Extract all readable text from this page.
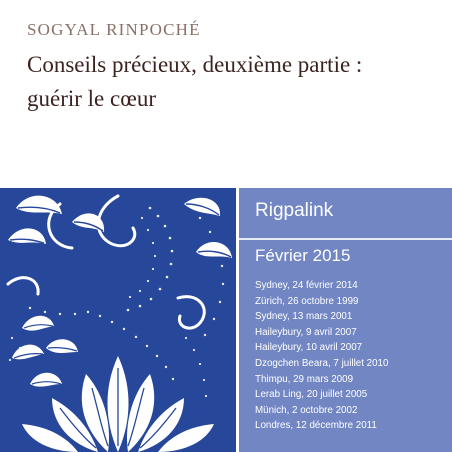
SOGYAL RINPOCHÉ
Conseils précieux, deuxième partie :
guérir le cœur
Rigpalink
Février 2015
Sydney, 24 février 2014
Zürich, 26 octobre 1999
Sydney, 13 mars 2001
Haileybury, 9 avril 2007
Haileybury, 10 avril 2007
Dzogchen Beara, 7 juillet 2010
Thimpu, 29 mars 2009
Lerab Ling, 20 juillet 2005
Münich, 2 octobre 2002
Londres, 12 décembre 2011
